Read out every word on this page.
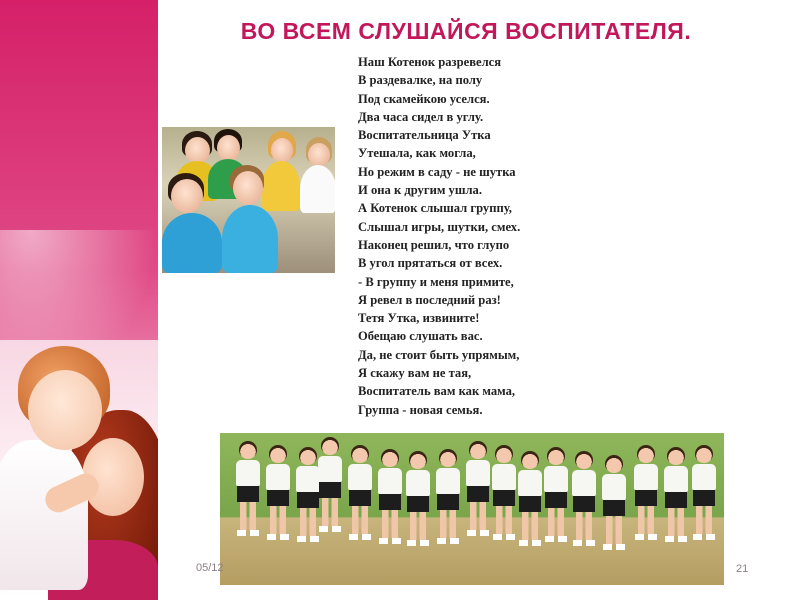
ВО ВСЕМ СЛУШАЙСЯ ВОСПИТАТЕЛЯ.
Наш Котенок разревелся
В раздевалке, на полу
Под скамейкою уселся.
Два часа сидел в углу.
Воспитательница Утка
Утешала, как могла,
Но режим в саду - не шутка
И она к другим ушла.
А Котенок слышал группу,
Слышал игры, шутки, смех.
Наконец решил, что глупо
В угол прятаться от всех.
- В группу и меня примите,
Я ревел в последний раз!
Тетя Утка, извините!
Обещаю слушать вас.
Да, не стоит быть упрямым,
Я скажу вам не тая,
Воспитатель вам как мама,
Группа - новая семья.

05/12	21
